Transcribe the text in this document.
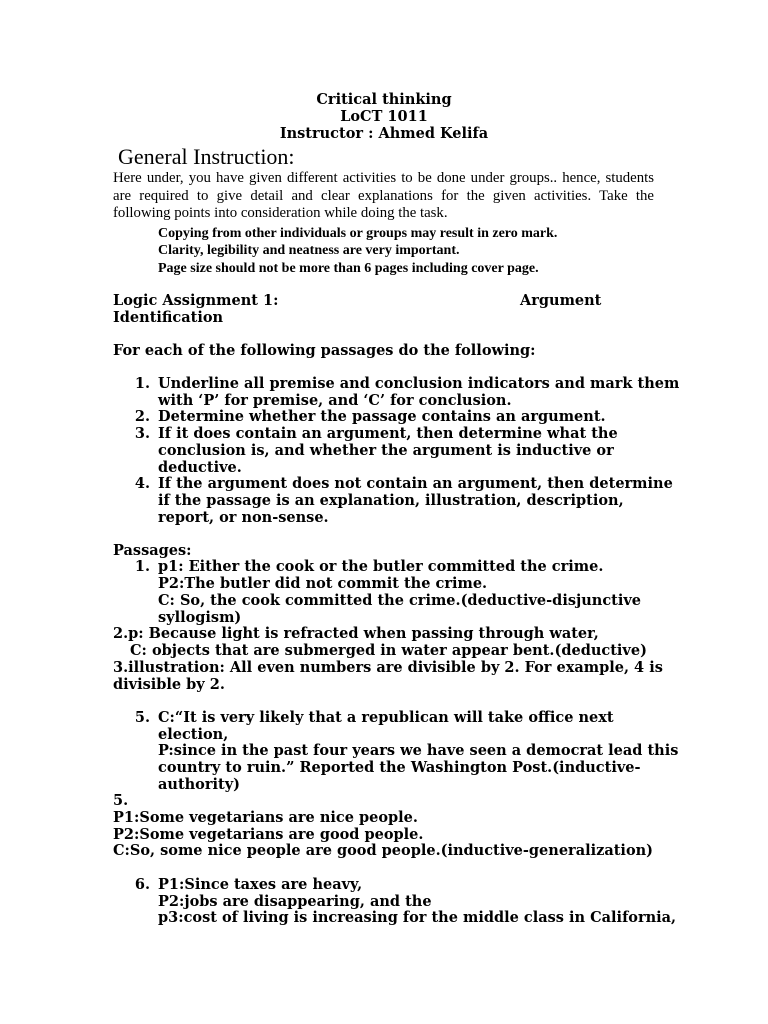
Critical thinking
LoCT 1011
Instructor : Ahmed Kelifa
General Instruction:
Here under, you have given different activities to be done under groups.. hence, students are required to give detail and clear explanations for the given activities. Take the following points into consideration while doing the task.
Copying from other individuals or groups may result in zero mark.
Clarity, legibility and neatness are very important.
Page size should not be more than 6 pages including cover page.
Logic Assignment 1:	Argument
Identification
For each of the following passages do the following:
1. Underline all premise and conclusion indicators and mark them
with ‘P’ for premise, and ‘C’ for conclusion.
2. Determine whether the passage contains an argument.
3. If it does contain an argument, then determine what the
conclusion is, and whether the argument is inductive or
deductive.
4. If the argument does not contain an argument, then determine
if the passage is an explanation, illustration, description,
report, or non-sense.
Passages:
1. p1: Either the cook or the butler committed the crime.
P2:The butler did not commit the crime.
C: So, the cook committed the crime.(deductive-disjunctive
syllogism)
2.p: Because light is refracted when passing through water,
C: objects that are submerged in water appear bent.(deductive)
3.illustration: All even numbers are divisible by 2. For example, 4 is
divisible by 2.
5. C:“It is very likely that a republican will take office next
election,
P:since in the past four years we have seen a democrat lead this
country to ruin.” Reported the Washington Post.(inductive-
authority)
5.
P1:Some vegetarians are nice people.
P2:Some vegetarians are good people.
C:So, some nice people are good people.(inductive-generalization)
6. P1:Since taxes are heavy,
P2:jobs are disappearing, and the
p3:cost of living is increasing for the middle class in California,
